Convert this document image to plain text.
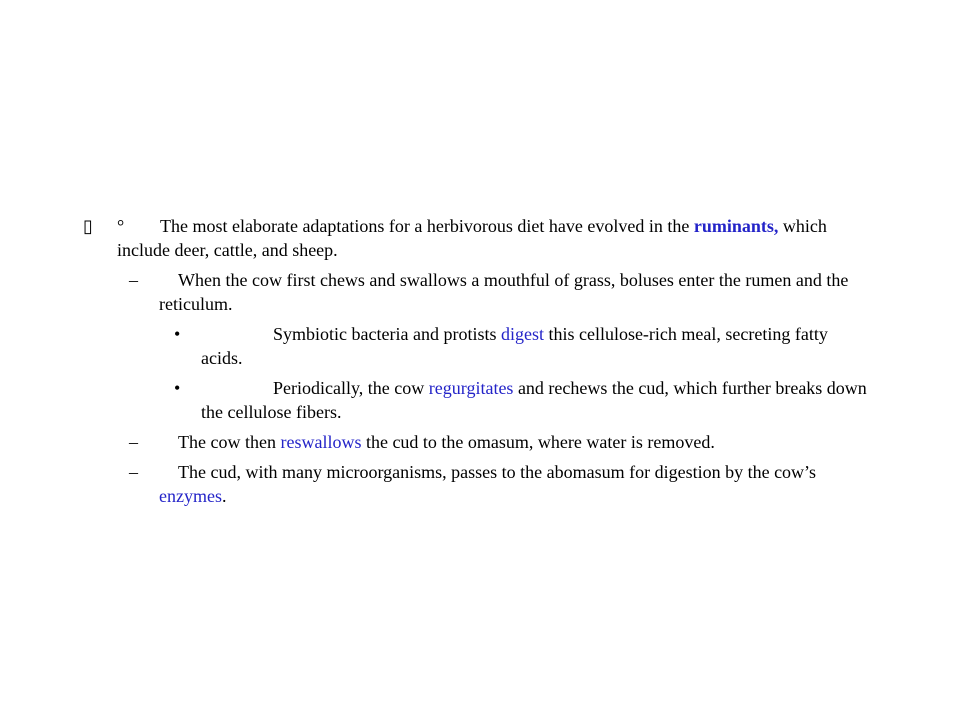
▯ °	The most elaborate adaptations for a herbivorous diet have evolved in the ruminants, which include deer, cattle, and sheep.
–	When the cow first chews and swallows a mouthful of grass, boluses enter the rumen and the reticulum.
•	Symbiotic bacteria and protists digest this cellulose-rich meal, secreting fatty acids.
•	Periodically, the cow regurgitates and rechews the cud, which further breaks down the cellulose fibers.
–	The cow then reswallows the cud to the omasum, where water is removed.
–	The cud, with many microorganisms, passes to the abomasum for digestion by the cow’s enzymes.
